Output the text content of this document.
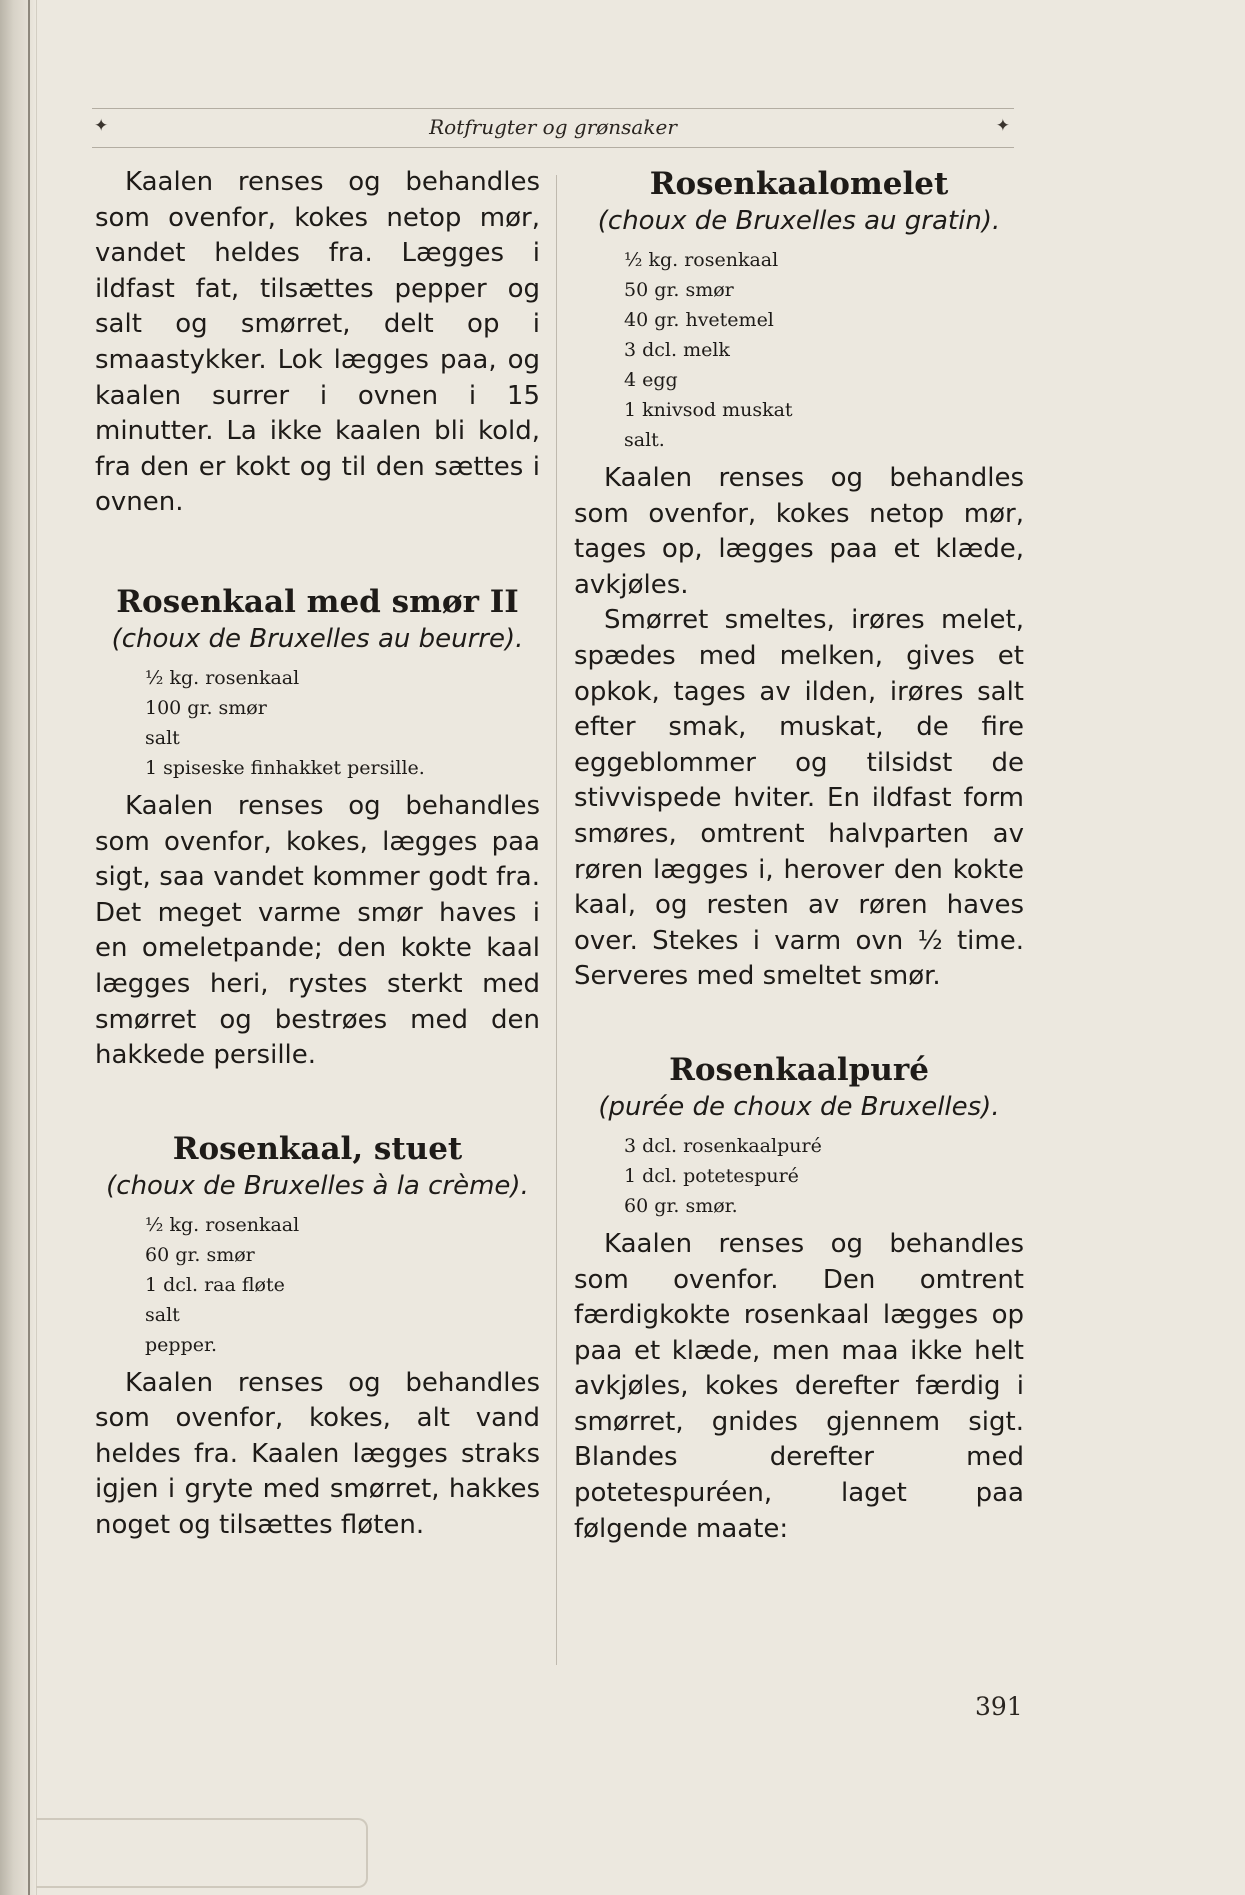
✦	Rotfrugter og grønsaker	✦

Kaalen renses og behandles som ovenfor, kokes netop mør, vandet heldes fra. Lægges i ildfast fat, tilsættes pepper og salt og smørret, delt op i smaastykker. Lok lægges paa, og kaalen surrer i ovnen i 15 minutter. La ikke kaalen bli kold, fra den er kokt og til den sættes i ovnen.

Rosenkaal med smør II
(choux de Bruxelles au beurre).
½ kg. rosenkaal
100 gr. smør
salt
1 spiseske finhakket persille.

Kaalen renses og behandles som ovenfor, kokes, lægges paa sigt, saa vandet kommer godt fra. Det meget varme smør haves i en omeletpande; den kokte kaal lægges heri, rystes sterkt med smørret og bestrøes med den hakkede persille.

Rosenkaal, stuet
(choux de Bruxelles à la crème).
½ kg. rosenkaal
60 gr. smør
1 dcl. raa fløte
salt
pepper.

Kaalen renses og behandles som ovenfor, kokes, alt vand heldes fra. Kaalen lægges straks igjen i gryte med smørret, hakkes noget og tilsættes fløten.

Rosenkaalomelet
(choux de Bruxelles au gratin).
½ kg. rosenkaal
50 gr. smør
40 gr. hvetemel
3 dcl. melk
4 egg
1 knivsod muskat
salt.

Kaalen renses og behandles som ovenfor, kokes netop mør, tages op, lægges paa et klæde, avkjøles.

Smørret smeltes, irøres melet, spædes med melken, gives et opkok, tages av ilden, irøres salt efter smak, muskat, de fire eggeblommer og tilsidst de stivvispede hviter. En ildfast form smøres, omtrent halvparten av røren lægges i, herover den kokte kaal, og resten av røren haves over. Stekes i varm ovn ½ time. Serveres med smeltet smør.

Rosenkaalpuré
(purée de choux de Bruxelles).
3 dcl. rosenkaalpuré
1 dcl. potetespuré
60 gr. smør.

Kaalen renses og behandles som ovenfor. Den omtrent færdigkokte rosenkaal lægges op paa et klæde, men maa ikke helt avkjøles, kokes derefter færdig i smørret, gnides gjennem sigt. Blandes derefter med potetespuréen, laget paa følgende maate:

391
